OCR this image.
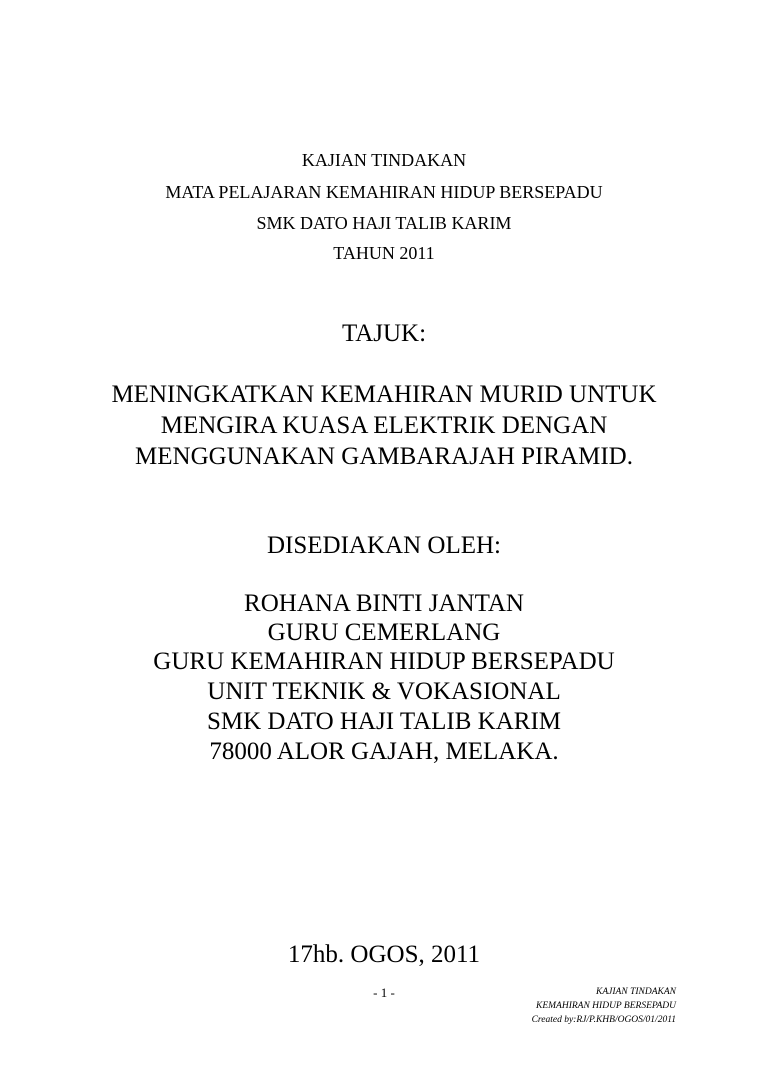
KAJIAN TINDAKAN
MATA PELAJARAN KEMAHIRAN HIDUP BERSEPADU
SMK DATO HAJI TALIB KARIM
TAHUN 2011
TAJUK:
MENINGKATKAN KEMAHIRAN MURID UNTUK
MENGIRA KUASA ELEKTRIK DENGAN
MENGGUNAKAN GAMBARAJAH PIRAMID.
DISEDIAKAN OLEH:
ROHANA BINTI JANTAN
GURU CEMERLANG
GURU KEMAHIRAN HIDUP BERSEPADU
UNIT TEKNIK & VOKASIONAL
SMK DATO HAJI TALIB KARIM
78000 ALOR GAJAH, MELAKA.
17hb. OGOS, 2011
- 1 -	KAJIAN TINDAKAN
KEMAHIRAN HIDUP BERSEPADU
Created by:RJ/P.KHB/OGOS/01/2011
